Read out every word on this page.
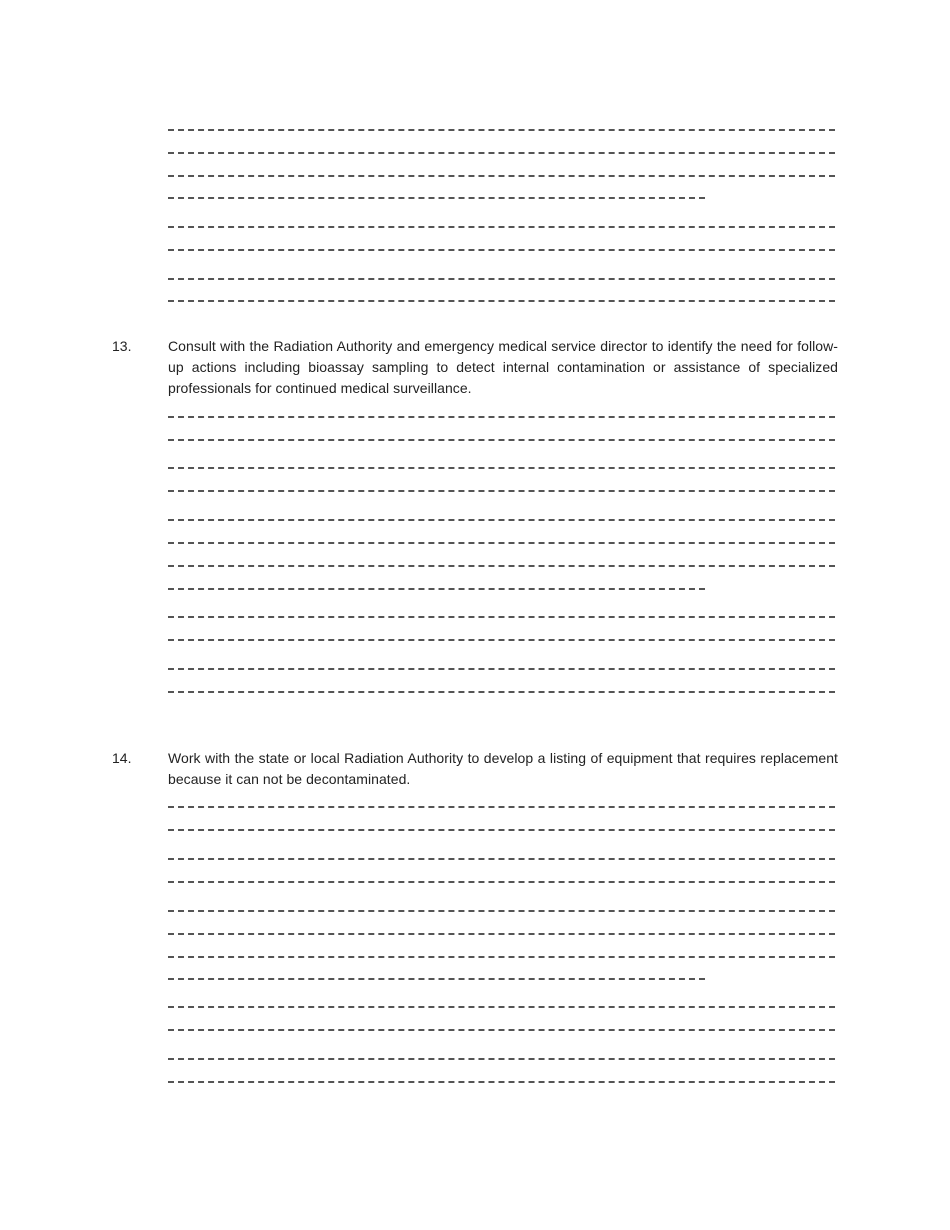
13.	Consult with the Radiation Authority and emergency medical service director to identify the need for follow-up actions including bioassay sampling to detect internal contamination or assistance of specialized professionals for continued medical surveillance.
14.	Work with the state or local Radiation Authority to develop a listing of equipment that requires replacement because it can not be decontaminated.
